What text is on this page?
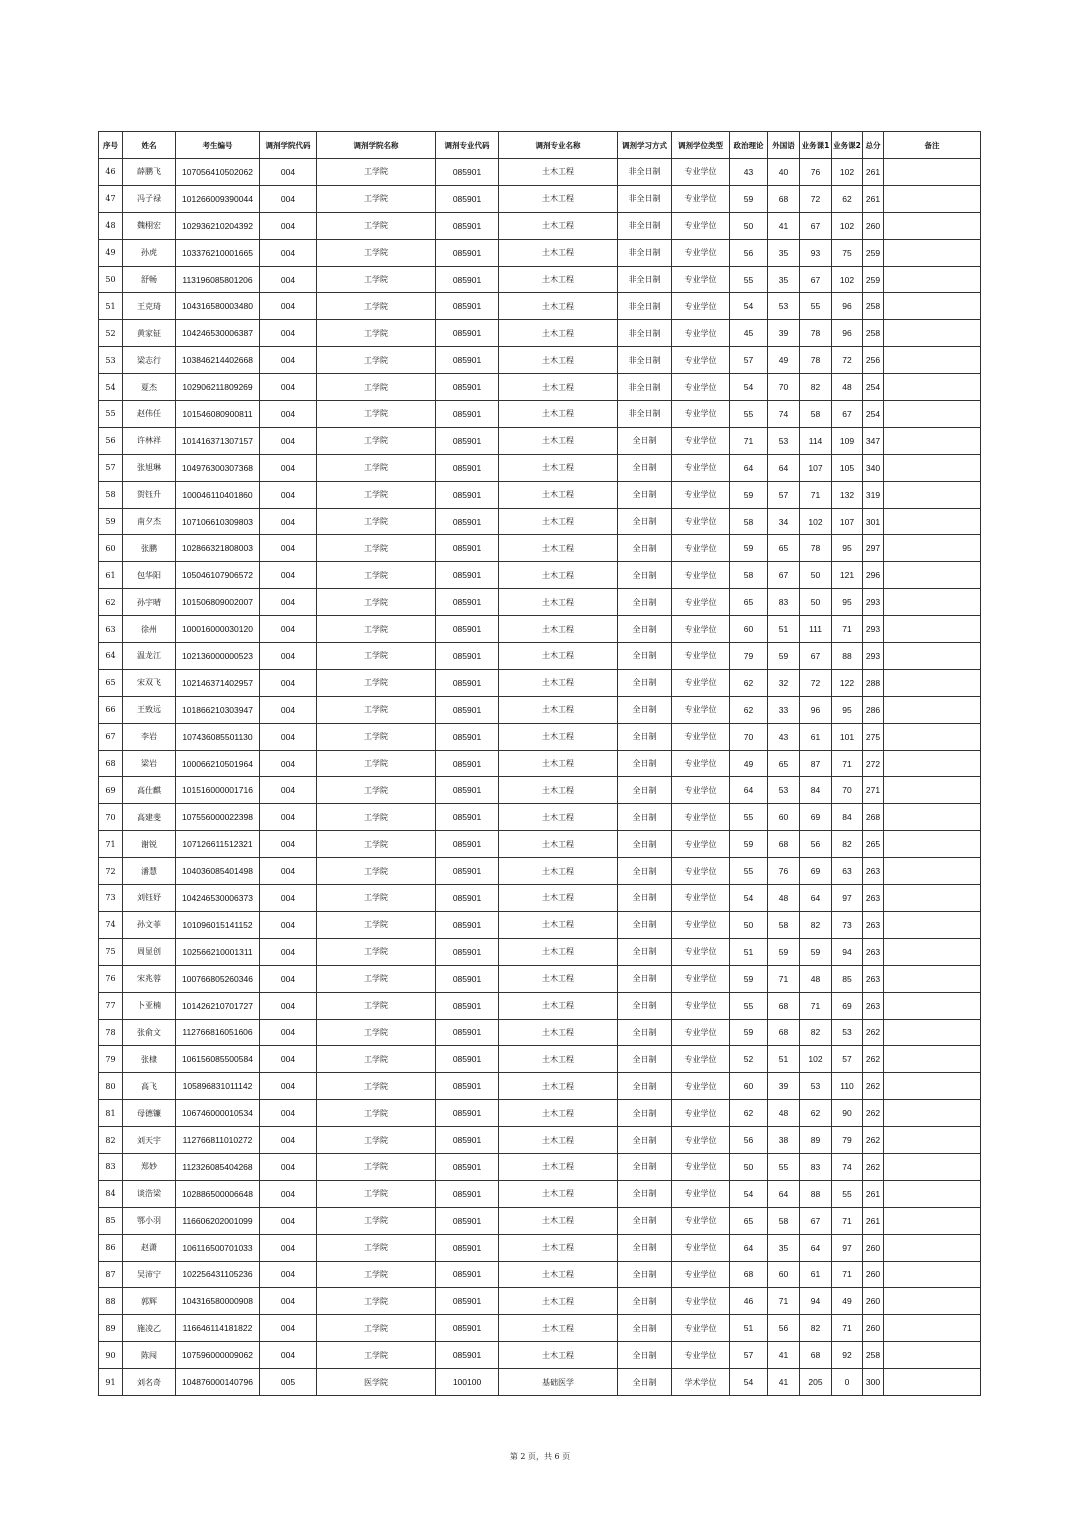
序号	姓名	考生编号	调剂学院代码	调剂学院名称	调剂专业代码	调剂专业名称	调剂学习方式	调剂学位类型	政治理论	外国语	业务课1	业务课2	总分	备注
46	薛鹏飞	107056410502062	004	工学院	085901	土木工程	非全日制	专业学位	43	40	76	102	261	
47	冯子禄	101266009390044	004	工学院	085901	土木工程	非全日制	专业学位	59	68	72	62	261	
48	魏栩宏	102936210204392	004	工学院	085901	土木工程	非全日制	专业学位	50	41	67	102	260	
49	孙虎	103376210001665	004	工学院	085901	土木工程	非全日制	专业学位	56	35	93	75	259	
50	舒畅	113196085801206	004	工学院	085901	土木工程	非全日制	专业学位	55	35	67	102	259	
51	王克琦	104316580003480	004	工学院	085901	土木工程	非全日制	专业学位	54	53	55	96	258	
52	黄家钲	104246530006387	004	工学院	085901	土木工程	非全日制	专业学位	45	39	78	96	258	
53	梁志行	103846214402668	004	工学院	085901	土木工程	非全日制	专业学位	57	49	78	72	256	
54	夏杰	102906211809269	004	工学院	085901	土木工程	非全日制	专业学位	54	70	82	48	254	
55	赵伟任	101546080900811	004	工学院	085901	土木工程	非全日制	专业学位	55	74	58	67	254	
56	许林祥	101416371307157	004	工学院	085901	土木工程	全日制	专业学位	71	53	114	109	347	
57	张旭琳	104976300307368	004	工学院	085901	土木工程	全日制	专业学位	64	64	107	105	340	
58	贺钰升	100046110401860	004	工学院	085901	土木工程	全日制	专业学位	59	57	71	132	319	
59	南夕杰	107106610309803	004	工学院	085901	土木工程	全日制	专业学位	58	34	102	107	301	
60	张鹏	102866321808003	004	工学院	085901	土木工程	全日制	专业学位	59	65	78	95	297	
61	包华阳	105046107906572	004	工学院	085901	土木工程	全日制	专业学位	58	67	50	121	296	
62	孙宇晴	101506809002007	004	工学院	085901	土木工程	全日制	专业学位	65	83	50	95	293	
63	徐州	100016000030120	004	工学院	085901	土木工程	全日制	专业学位	60	51	111	71	293	
64	温龙江	102136000000523	004	工学院	085901	土木工程	全日制	专业学位	79	59	67	88	293	
65	宋双飞	102146371402957	004	工学院	085901	土木工程	全日制	专业学位	62	32	72	122	288	
66	王致远	101866210303947	004	工学院	085901	土木工程	全日制	专业学位	62	33	96	95	286	
67	李岩	107436085501130	004	工学院	085901	土木工程	全日制	专业学位	70	43	61	101	275	
68	梁岩	100066210501964	004	工学院	085901	土木工程	全日制	专业学位	49	65	87	71	272	
69	高仕麒	101516000001716	004	工学院	085901	土木工程	全日制	专业学位	64	53	84	70	271	
70	高建斐	107556000022398	004	工学院	085901	土木工程	全日制	专业学位	55	60	69	84	268	
71	谢锐	107126611512321	004	工学院	085901	土木工程	全日制	专业学位	59	68	56	82	265	
72	潘慧	104036085401498	004	工学院	085901	土木工程	全日制	专业学位	55	76	69	63	263	
73	刘钰妤	104246530006373	004	工学院	085901	土木工程	全日制	专业学位	54	48	64	97	263	
74	孙文菲	101096015141152	004	工学院	085901	土木工程	全日制	专业学位	50	58	82	73	263	
75	周显创	102566210001311	004	工学院	085901	土木工程	全日制	专业学位	51	59	59	94	263	
76	宋兆蓉	100766805260346	004	工学院	085901	土木工程	全日制	专业学位	59	71	48	85	263	
77	卜亚楠	101426210701727	004	工学院	085901	土木工程	全日制	专业学位	55	68	71	69	263	
78	张俞文	112766816051606	004	工学院	085901	土木工程	全日制	专业学位	59	68	82	53	262	
79	张棣	106156085500584	004	工学院	085901	土木工程	全日制	专业学位	52	51	102	57	262	
80	高飞	105896831011142	004	工学院	085901	土木工程	全日制	专业学位	60	39	53	110	262	
81	母德镰	106746000010534	004	工学院	085901	土木工程	全日制	专业学位	62	48	62	90	262	
82	刘天宇	112766811010272	004	工学院	085901	土木工程	全日制	专业学位	56	38	89	79	262	
83	郑妙	112326085404268	004	工学院	085901	土木工程	全日制	专业学位	50	55	83	74	262	
84	谈浩梁	102886500006648	004	工学院	085901	土木工程	全日制	专业学位	54	64	88	55	261	
85	鄂小羽	116606202001099	004	工学院	085901	土木工程	全日制	专业学位	65	58	67	71	261	
86	赵潇	106116500701033	004	工学院	085901	土木工程	全日制	专业学位	64	35	64	97	260	
87	吴沛宁	102256431105236	004	工学院	085901	土木工程	全日制	专业学位	68	60	61	71	260	
88	郭辉	104316580000908	004	工学院	085901	土木工程	全日制	专业学位	46	71	94	49	260	
89	施凌乙	116646114181822	004	工学院	085901	土木工程	全日制	专业学位	51	56	82	71	260	
90	陈闯	107596000009062	004	工学院	085901	土木工程	全日制	专业学位	57	41	68	92	258	
91	刘名奇	104876000140796	005	医学院	100100	基础医学	全日制	学术学位	54	41	205	0	300	
第 2 页，共 6 页
